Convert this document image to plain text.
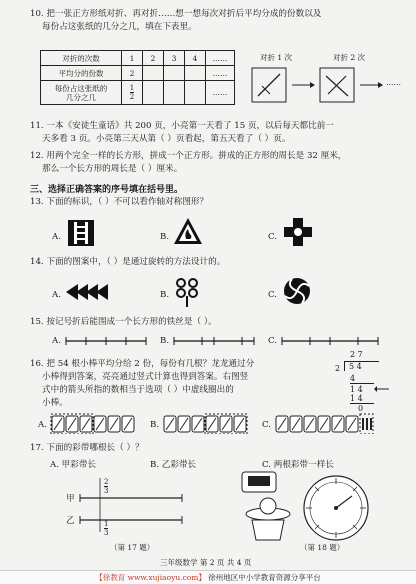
10. 把一张正方形纸对折、再对折……想一想每次对折后平均分成的份数以及
每份占这张纸的几分之几，填在下表里。
对折的次数	1	2	3	4	……
平均分的份数	2				……
每份占这张纸的
几分之几	$\frac{1}{2}$				……
对折 1 次	对折 2 次
……
11. 一本《安徒生童话》共 200 页，小亮第一天看了 15 页，以后每天都比前一
天多看 3 页。小亮第三天从第（ ）页看起，第五天看了（ ）页。
12. 用两个完全一样的长方形，拼成一个正方形。拼成的正方形的周长是 32 厘米，
那么一个长方形的周长是（ ）厘米。
三、选择正确答案的序号填在括号里。
13. 下面的标识，（ ）不可以看作轴对称图形？
A.	B.	C.
14. 下面的图案中，（ ）是通过旋转的方法设计的。
A.	B.	C.
15. 按记号折后能围成一个长方形的铁丝是（ ）。
A.	B.	C.
16. 把 54 根小棒平均分给 2 份，每份有几根？龙龙通过分
小棒得到答案，亮亮通过竖式计算也得到答案。右图竖
式中的箭头所指的数相当于选项（ ）中虚线圈出的
小棒。
2 7
2	5 4
4
1 4
1 4
0
A.	B.	C.
17. 下面的彩带哪根长（ ）？
A. 甲彩带长	B. 乙彩带长	C. 两根彩带一样长
甲
乙
$\frac{2}{3}$
$\frac{1}{3}$
（第 17 题）	（第 18 题）
三年级数学 第 2 页 共 4 页
【徐教育 www.xujiaoyu.com】 徐州地区中小学教育资源分享平台
